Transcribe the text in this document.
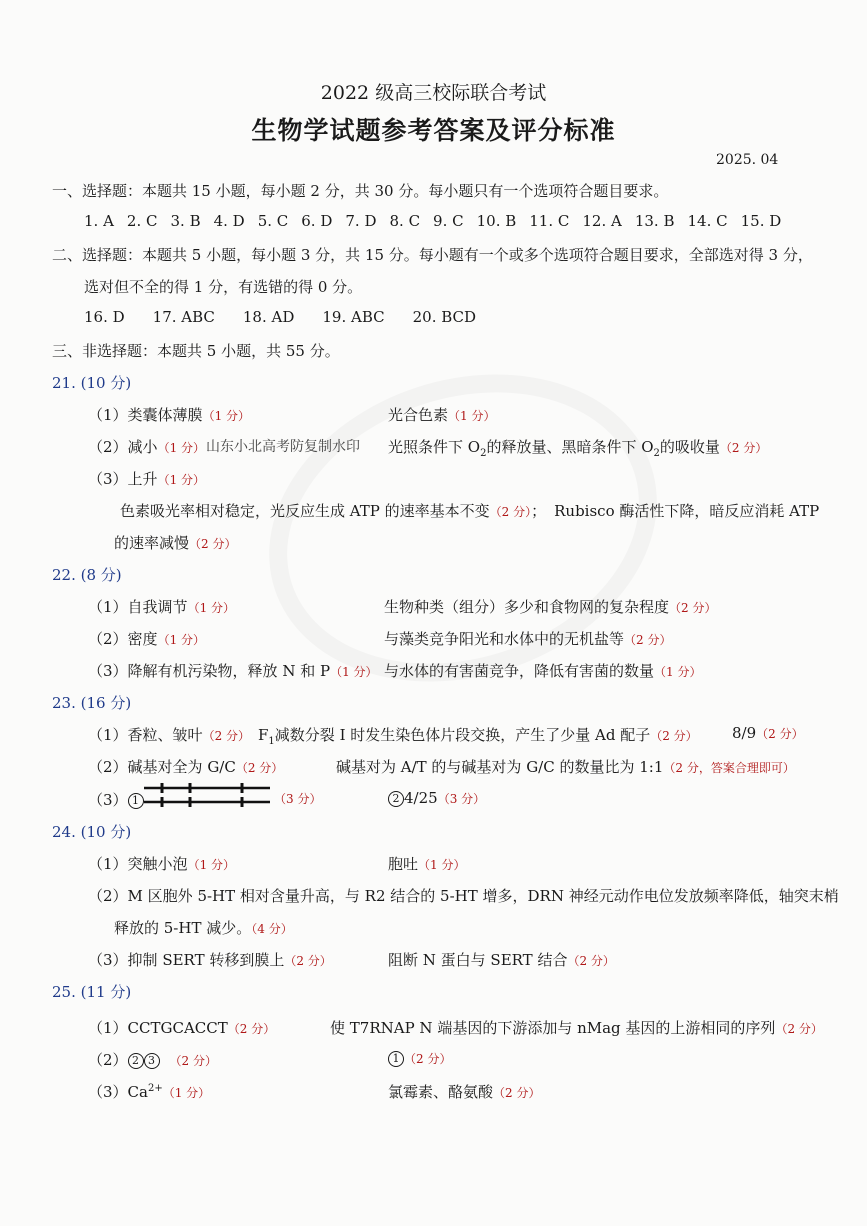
2022 级高三校际联合考试
生物学试题参考答案及评分标准
2025. 04
一、选择题：本题共 15 小题，每小题 2 分，共 30 分。每小题只有一个选项符合题目要求。
1. A 2. C 3. B 4. D 5. C 6. D 7. D 8. C 9. C 10. B 11. C 12. A 13. B 14. C 15. D
二、选择题：本题共 5 小题，每小题 3 分，共 15 分。每小题有一个或多个选项符合题目要求，全部选对得 3 分，
选对但不全的得 1 分，有选错的得 0 分。
16. D 17. ABC 18. AD 19. ABC 20. BCD
三、非选择题：本题共 5 小题，共 55 分。
21. (10 分)
（1）类囊体薄膜（1 分）	光合色素（1 分）
（2）减小（1 分） 山东小北高考防复制水印 光照条件下 $O_2$的释放量、黑暗条件下 $O_2$的吸收量（2 分）
（3）上升（1 分）
色素吸光率相对稳定，光反应生成 ATP 的速率基本不变（2 分）； Rubisco 酶活性下降，暗反应消耗 ATP
的速率减慢（2 分）
22. (8 分)
（1）自我调节（1 分）	生物种类（组分）多少和食物网的复杂程度（2 分）
（2）密度（1 分）	与藻类竞争阳光和水体中的无机盐等（2 分）
（3）降解有机污染物，释放 N 和 P（1 分） 与水体的有害菌竞争，降低有害菌的数量（1 分）
23. (16 分)
（1）香粒、皱叶（2 分） $F_1$减数分裂 I 时发生染色体片段交换，产生了少量 Ad 配子（2 分） 8/9（2 分）
（2）碱基对全为 G/C（2 分）	碱基对为 A/T 的与碱基对为 G/C 的数量比为 1:1（2 分，答案合理即可）
（3） 1	（3 分）	2 4/25（3 分）
24. (10 分)
（1）突触小泡（1 分）	胞吐（1 分）
（2）M 区胞外 5-HT 相对含量升高，与 R2 结合的 5-HT 增多，DRN 神经元动作电位发放频率降低，轴突末梢
释放的 5-HT 减少。（4 分）
（3）抑制 SERT 转移到膜上（2 分）	阻断 N 蛋白与 SERT 结合（2 分）
25. (11 分)
（1）CCTGCACCT（2 分）	使 T7RNAP N 端基因的下游添加与 nMag 基因的上游相同的序列（2 分）
（2） 2 3 （2 分）	1 （2 分）
$(3)Ca^{2+}(1$ 分）	氯霉素、酪氨酸（2 分）
